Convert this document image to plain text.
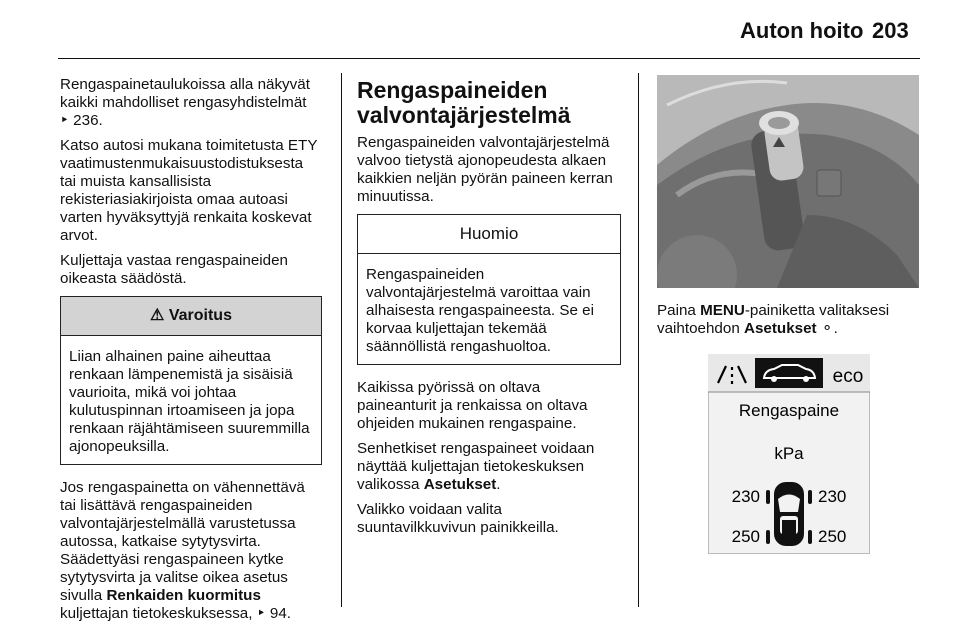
Auton hoito 203

Rengaspainetaulukoissa alla näkyvät kaikki mahdolliset rengasyhdistelmät
‣ 236.

Katso autosi mukana toimitetusta ETY vaatimustenmukaisuustodistuksesta tai muista kansallisista rekisteriasiakirjoista omaa autoasi varten hyväksyttyjä renkaita koskevat arvot.

Kuljettaja vastaa rengaspaineiden oikeasta säädöstä.

⚠ Varoitus
Liian alhainen paine aiheuttaa renkaan lämpenemistä ja sisäisiä vaurioita, mikä voi johtaa kulutuspinnan irtoamiseen ja jopa renkaan räjähtämiseen suuremmilla ajonopeuksilla.

Jos rengaspainetta on vähennettävä tai lisättävä rengaspaineiden valvontajärjestelmällä varustetussa autossa, katkaise sytytysvirta. Säädettyäsi rengaspaineen kytke sytytysvirta ja valitse oikea asetus sivulla Renkaiden kuormitus kuljettajan tietokeskuksessa, ‣ 94.

Rengaspaineiden valvontajärjestelmä

Rengaspaineiden valvontajärjestelmä valvoo tietystä ajonopeudesta alkaen kaikkien neljän pyörän paineen kerran minuutissa.

Huomio
Rengaspaineiden valvontajärjestelmä varoittaa vain alhaisesta rengaspaineesta. Se ei korvaa kuljettajan tekemää säännöllistä rengashuoltoa.

Kaikissa pyörissä on oltava paineanturit ja renkaissa on oltava ohjeiden mukainen rengaspaine.

Senhetkiset rengaspaineet voidaan näyttää kuljettajan tietokeskuksen valikossa Asetukset.

Valikko voidaan valita suuntavilkkuvivun painikkeilla.

Paina MENU-painiketta valitaksesi vaihtoehdon Asetukset ⚬.

eco
Rengaspaine
kPa
230	230
250	250
